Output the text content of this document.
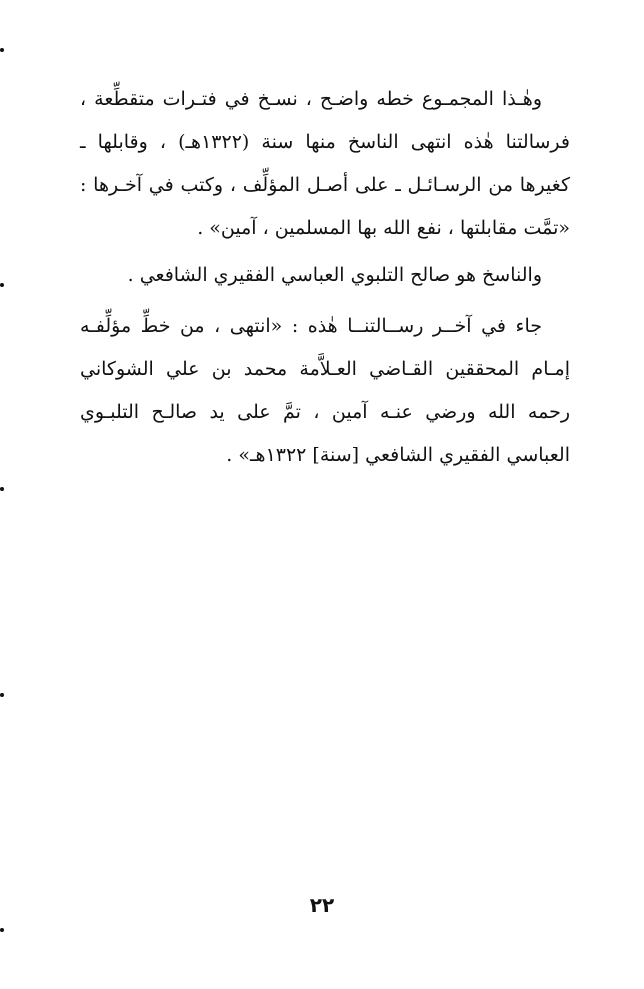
وهٰـذا المجمـوع خطه واضـح ، نسـخ في فتـرات متقطِّعة ، فرسالتنا هٰذه انتهى الناسخ منها سنة (١٣٢٢هـ) ، وقابلها ـ كغيرها من الرسـائـل ـ على أصـل المؤلِّف ، وكتب في آخـرها : «تمَّت مقابلتها ، نفع الله بها المسلمين ، آمين» .

والناسخ هو صالح التلبوي العباسي الفقيري الشافعي .

جاء في آخــر رســالتنــا هٰذه : «انتهى ، من خطِّ مؤلِّفـه إمـام المحققين القـاضي العـلاَّمة محمد بن علي الشوكاني رحمه الله ورضي عنـه آمين ، تمَّ على يد صالـح التلبـوي العباسي الفقيري الشافعي [سنة] ١٣٢٢هـ» .

٢٢
